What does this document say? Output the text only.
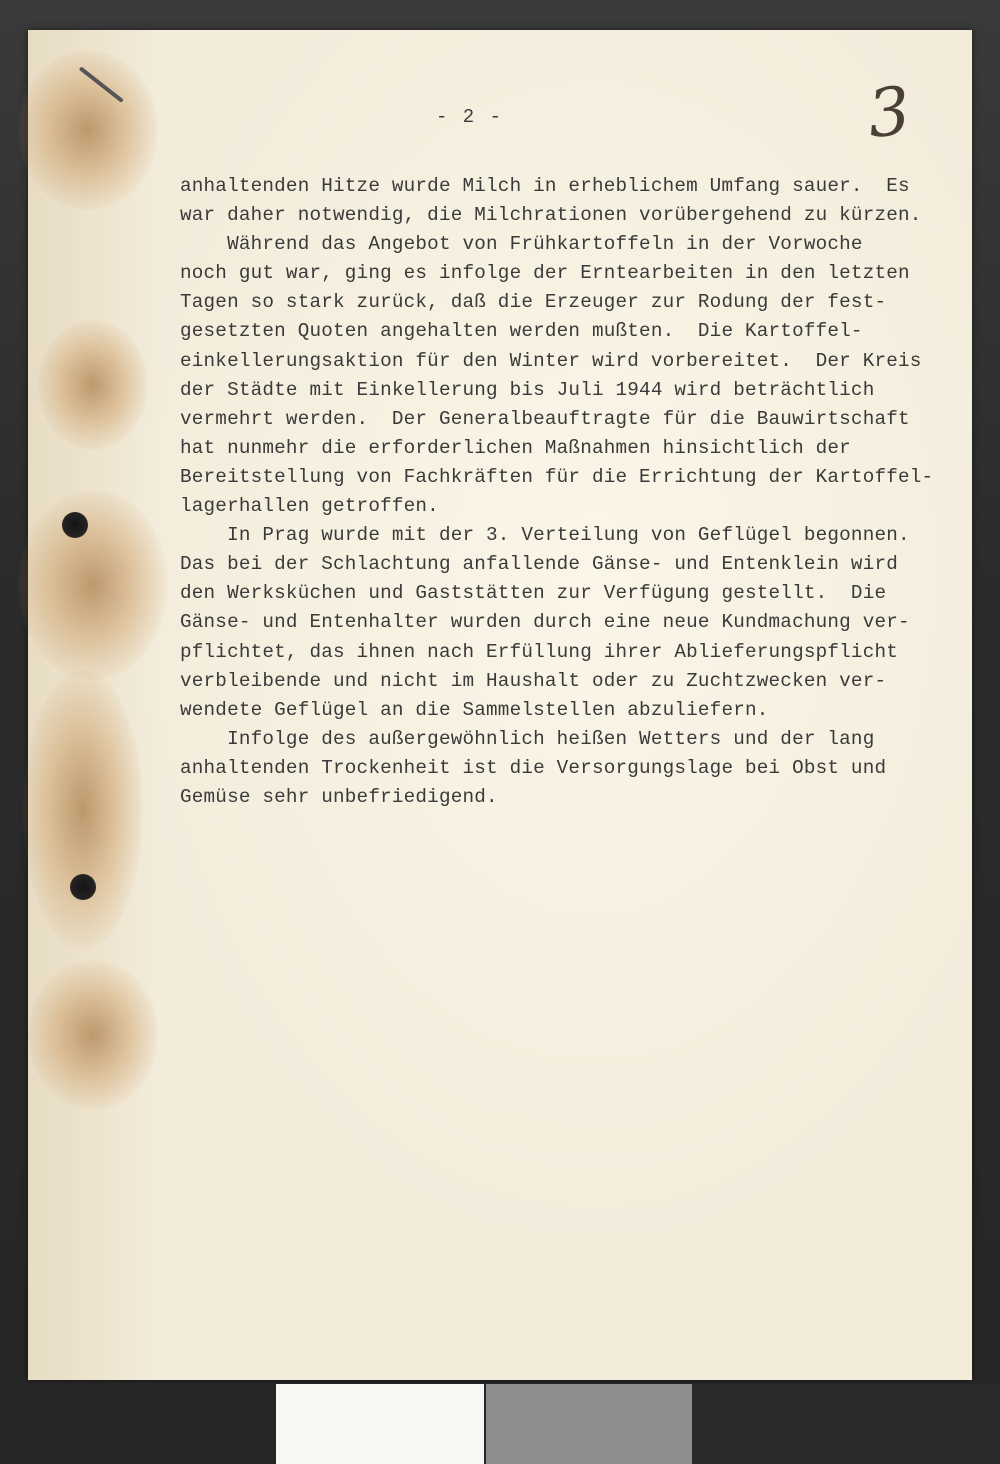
- 2 -	3
anhaltenden Hitze wurde Milch in erheblichem Umfang sauer.  Es
war daher notwendig, die Milchrationen vorübergehend zu kürzen.
Während das Angebot von Frühkartoffeln in der Vorwoche
noch gut war, ging es infolge der Erntearbeiten in den letzten
Tagen so stark zurück, daß die Erzeuger zur Rodung der fest-
gesetzten Quoten angehalten werden mußten.  Die Kartoffel-
einkellerungsaktion für den Winter wird vorbereitet.  Der Kreis
der Städte mit Einkellerung bis Juli 1944 wird beträchtlich
vermehrt werden.  Der Generalbeauftragte für die Bauwirtschaft
hat nunmehr die erforderlichen Maßnahmen hinsichtlich der
Bereitstellung von Fachkräften für die Errichtung der Kartoffel-
lagerhallen getroffen.
In Prag wurde mit der 3. Verteilung von Geflügel begonnen.
Das bei der Schlachtung anfallende Gänse- und Entenklein wird
den Werksküchen und Gaststätten zur Verfügung gestellt.  Die
Gänse- und Entenhalter wurden durch eine neue Kundmachung ver-
pflichtet, das ihnen nach Erfüllung ihrer Ablieferungspflicht
verbleibende und nicht im Haushalt oder zu Zuchtzwecken ver-
wendete Geflügel an die Sammelstellen abzuliefern.
Infolge des außergewöhnlich heißen Wetters und der lang
anhaltenden Trockenheit ist die Versorgungslage bei Obst und
Gemüse sehr unbefriedigend.
